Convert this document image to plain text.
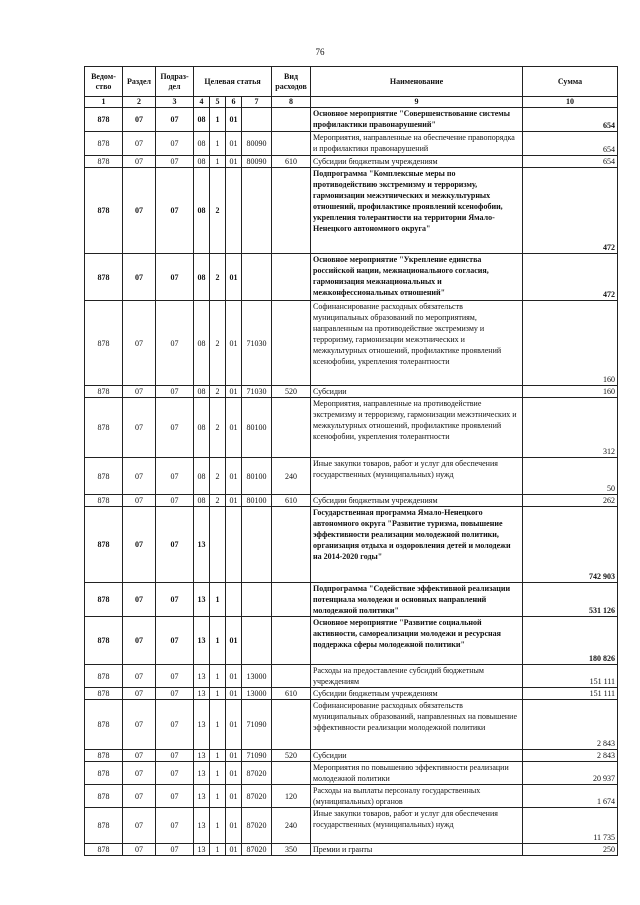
76
Ведом-ство	Раздел	Подраз-дел	Целевая статья				Вид расходов	Наименование	Сумма
1	2	3	4	5	6	7	8	9	10
878	07	07	08	1	01			Основное мероприятие "Совершенствование системы профилактики правонарушений"	654
878	07	07	08	1	01	80090		Мероприятия, направленные на обеспечение правопорядка и профилактики правонарушений	654
878	07	07	08	1	01	80090	610	Субсидии бюджетным учреждениям	654
878	07	07	08	2				Подпрограмма "Комплексные меры по противодействию экстремизму и терроризму, гармонизации межэтнических и межкультурных отношений, профилактике проявлений ксенофобии, укрепления толерантности на территории Ямало-Ненецкого автономного округа"	472
878	07	07	08	2	01			Основное мероприятие "Укрепление единства российской нации, межнационального согласия, гармонизация межнациональных и межконфессиональных отношений"	472
878	07	07	08	2	01	71030		Софинансирование расходных обязательств муниципальных образований по мероприятиям, направленным на противодействие экстремизму и терроризму, гармонизации межэтнических и межкультурных отношений, профилактике проявлений ксенофобии, укрепления толерантности	160
878	07	07	08	2	01	71030	520	Субсидии	160
878	07	07	08	2	01	80100		Мероприятия, направленные на противодействие экстремизму и терроризму, гармонизации межэтнических и межкультурных отношений, профилактике проявлений ксенофобии, укрепления толерантности	312
878	07	07	08	2	01	80100	240	Иные закупки товаров, работ и услуг для обеспечения государственных (муниципальных) нужд	50
878	07	07	08	2	01	80100	610	Субсидии бюджетным учреждениям	262
878	07	07	13					Государственная программа Ямало-Ненецкого автономного округа "Развитие туризма, повышение эффективности реализации молодежной политики, организация отдыха и оздоровления детей и молодежи на 2014-2020 годы"	742 903
878	07	07	13	1				Подпрограмма "Содействие эффективной реализации потенциала молодежи и основных направлений молодежной политики"	531 126
878	07	07	13	1	01			Основное мероприятие "Развитие социальной активности, самореализации молодежи и ресурсная поддержка сферы молодежной политики"	180 826
878	07	07	13	1	01	13000		Расходы на предоставление субсидий бюджетным учреждениям	151 111
878	07	07	13	1	01	13000	610	Субсидии бюджетным учреждениям	151 111
878	07	07	13	1	01	71090		Софинансирование расходных обязательств муниципальных образований, направленных на повышение эффективности реализации молодежной политики	2 843
878	07	07	13	1	01	71090	520	Субсидии	2 843
878	07	07	13	1	01	87020		Мероприятия по повышению эффективности реализации молодежной политики	20 937
878	07	07	13	1	01	87020	120	Расходы на выплаты персоналу государственных (муниципальных) органов	1 674
878	07	07	13	1	01	87020	240	Иные закупки товаров, работ и услуг для обеспечения государственных (муниципальных) нужд	11 735
878	07	07	13	1	01	87020	350	Премии и гранты	250
